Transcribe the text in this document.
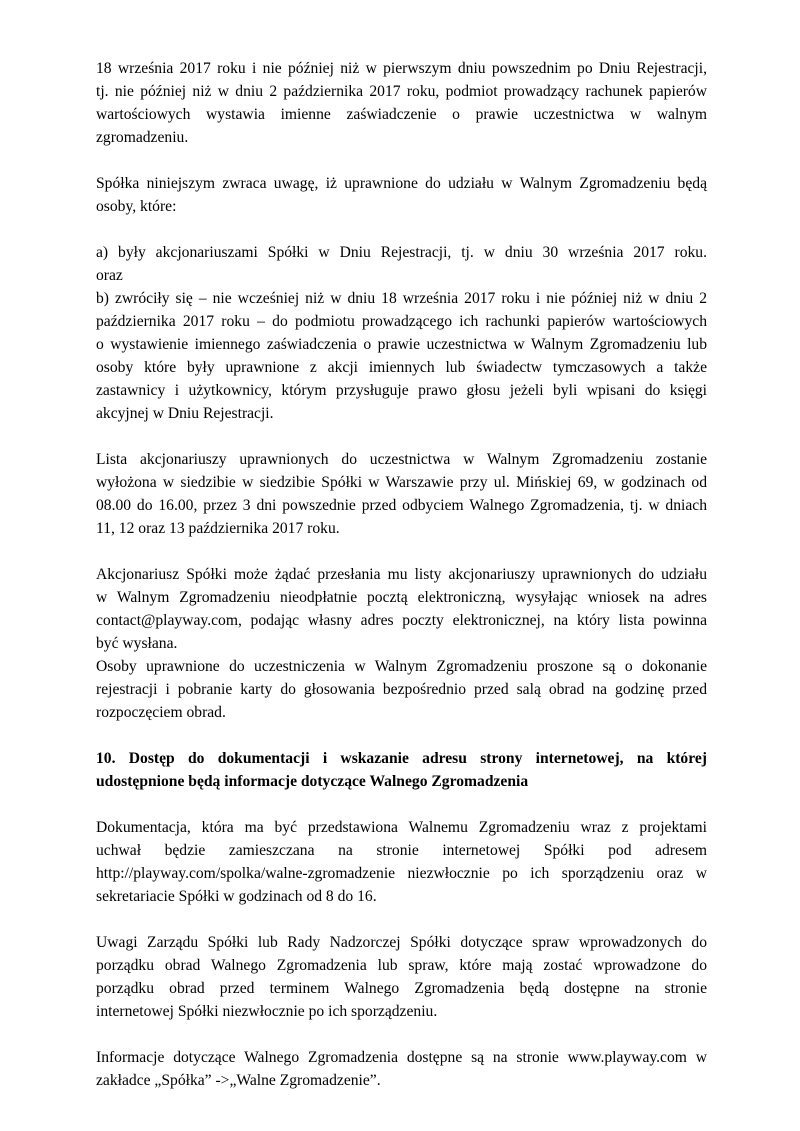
18 września 2017 roku i nie później niż w pierwszym dniu powszednim po Dniu Rejestracji,
tj. nie później niż w dniu 2 października 2017 roku, podmiot prowadzący rachunek papierów
wartościowych wystawia imienne zaświadczenie o prawie uczestnictwa w walnym
zgromadzeniu.

Spółka niniejszym zwraca uwagę, iż uprawnione do udziału w Walnym Zgromadzeniu będą
osoby, które:

a) były akcjonariuszami Spółki w Dniu Rejestracji, tj. w dniu 30 września 2017 roku.
oraz
b) zwróciły się – nie wcześniej niż w dniu 18 września 2017 roku i nie później niż w dniu 2
października 2017 roku – do podmiotu prowadzącego ich rachunki papierów wartościowych
o wystawienie imiennego zaświadczenia o prawie uczestnictwa w Walnym Zgromadzeniu lub
osoby które były uprawnione z akcji imiennych lub świadectw tymczasowych a także
zastawnicy i użytkownicy, którym przysługuje prawo głosu jeżeli byli wpisani do księgi
akcyjnej w Dniu Rejestracji.

Lista akcjonariuszy uprawnionych do uczestnictwa w Walnym Zgromadzeniu zostanie
wyłożona w siedzibie w siedzibie Spółki w Warszawie przy ul. Mińskiej 69, w godzinach od
08.00 do 16.00, przez 3 dni powszednie przed odbyciem Walnego Zgromadzenia, tj. w dniach
11, 12 oraz 13 października 2017 roku.

Akcjonariusz Spółki może żądać przesłania mu listy akcjonariuszy uprawnionych do udziału
w Walnym Zgromadzeniu nieodpłatnie pocztą elektroniczną, wysyłając wniosek na adres
contact@playway.com, podając własny adres poczty elektronicznej, na który lista powinna
być wysłana.

Osoby uprawnione do uczestniczenia w Walnym Zgromadzeniu proszone są o dokonanie
rejestracji i pobranie karty do głosowania bezpośrednio przed salą obrad na godzinę przed
rozpoczęciem obrad.

10. Dostęp do dokumentacji i wskazanie adresu strony internetowej, na której
udostępnione będą informacje dotyczące Walnego Zgromadzenia

Dokumentacja, która ma być przedstawiona Walnemu Zgromadzeniu wraz z projektami
uchwał będzie zamieszczana na stronie internetowej Spółki pod adresem
http://playway.com/spolka/walne-zgromadzenie niezwłocznie po ich sporządzeniu oraz w
sekretariacie Spółki w godzinach od 8 do 16.

Uwagi Zarządu Spółki lub Rady Nadzorczej Spółki dotyczące spraw wprowadzonych do
porządku obrad Walnego Zgromadzenia lub spraw, które mają zostać wprowadzone do
porządku obrad przed terminem Walnego Zgromadzenia będą dostępne na stronie
internetowej Spółki niezwłocznie po ich sporządzeniu.

Informacje dotyczące Walnego Zgromadzenia dostępne są na stronie www.playway.com w
zakładce „Spółka” ->„Walne Zgromadzenie”.
